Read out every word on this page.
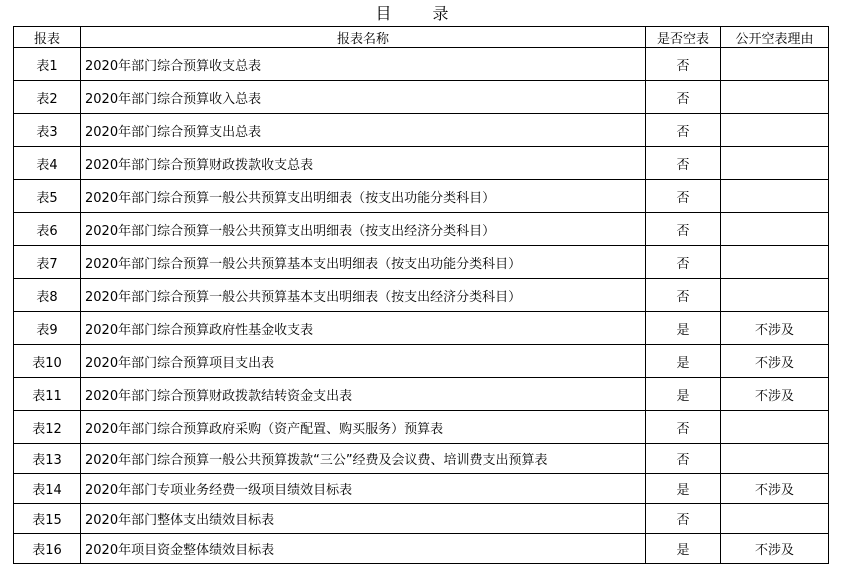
目 录
报表	报表名称	是否空表	公开空表理由
表1	2020年部门综合预算收支总表	否	
表2	2020年部门综合预算收入总表	否	
表3	2020年部门综合预算支出总表	否	
表4	2020年部门综合预算财政拨款收支总表	否	
表5	2020年部门综合预算一般公共预算支出明细表（按支出功能分类科目）	否	
表6	2020年部门综合预算一般公共预算支出明细表（按支出经济分类科目）	否	
表7	2020年部门综合预算一般公共预算基本支出明细表（按支出功能分类科目）	否	
表8	2020年部门综合预算一般公共预算基本支出明细表（按支出经济分类科目）	否	
表9	2020年部门综合预算政府性基金收支表	是	不涉及
表10	2020年部门综合预算项目支出表	是	不涉及
表11	2020年部门综合预算财政拨款结转资金支出表	是	不涉及
表12	2020年部门综合预算政府采购（资产配置、购买服务）预算表	否	
表13	2020年部门综合预算一般公共预算拨款“三公”经费及会议费、培训费支出预算表	否	
表14	2020年部门专项业务经费一级项目绩效目标表	是	不涉及
表15	2020年部门整体支出绩效目标表	否	
表16	2020年项目资金整体绩效目标表	是	不涉及
